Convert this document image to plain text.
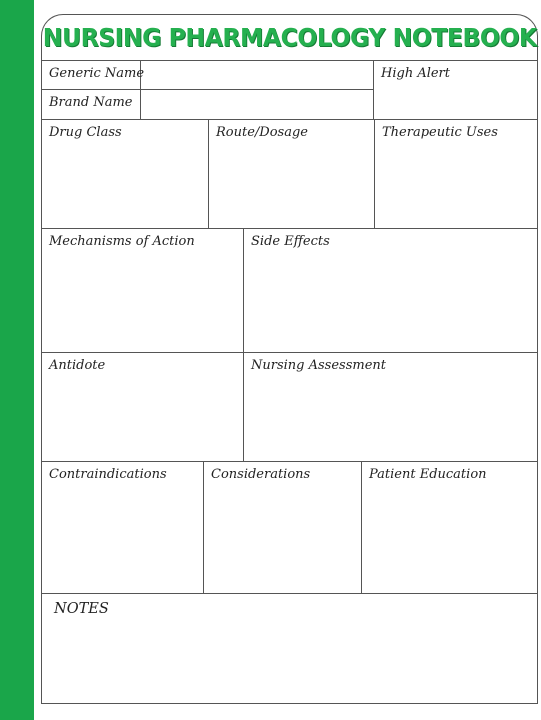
NURSING PHARMACOLOGY NOTEBOOK
Generic Name
Brand Name
High Alert
Drug Class	Route/Dosage	Therapeutic Uses
Mechanisms of Action	Side Effects
Antidote	Nursing Assessment
Contraindications	Considerations	Patient Education
NOTES
